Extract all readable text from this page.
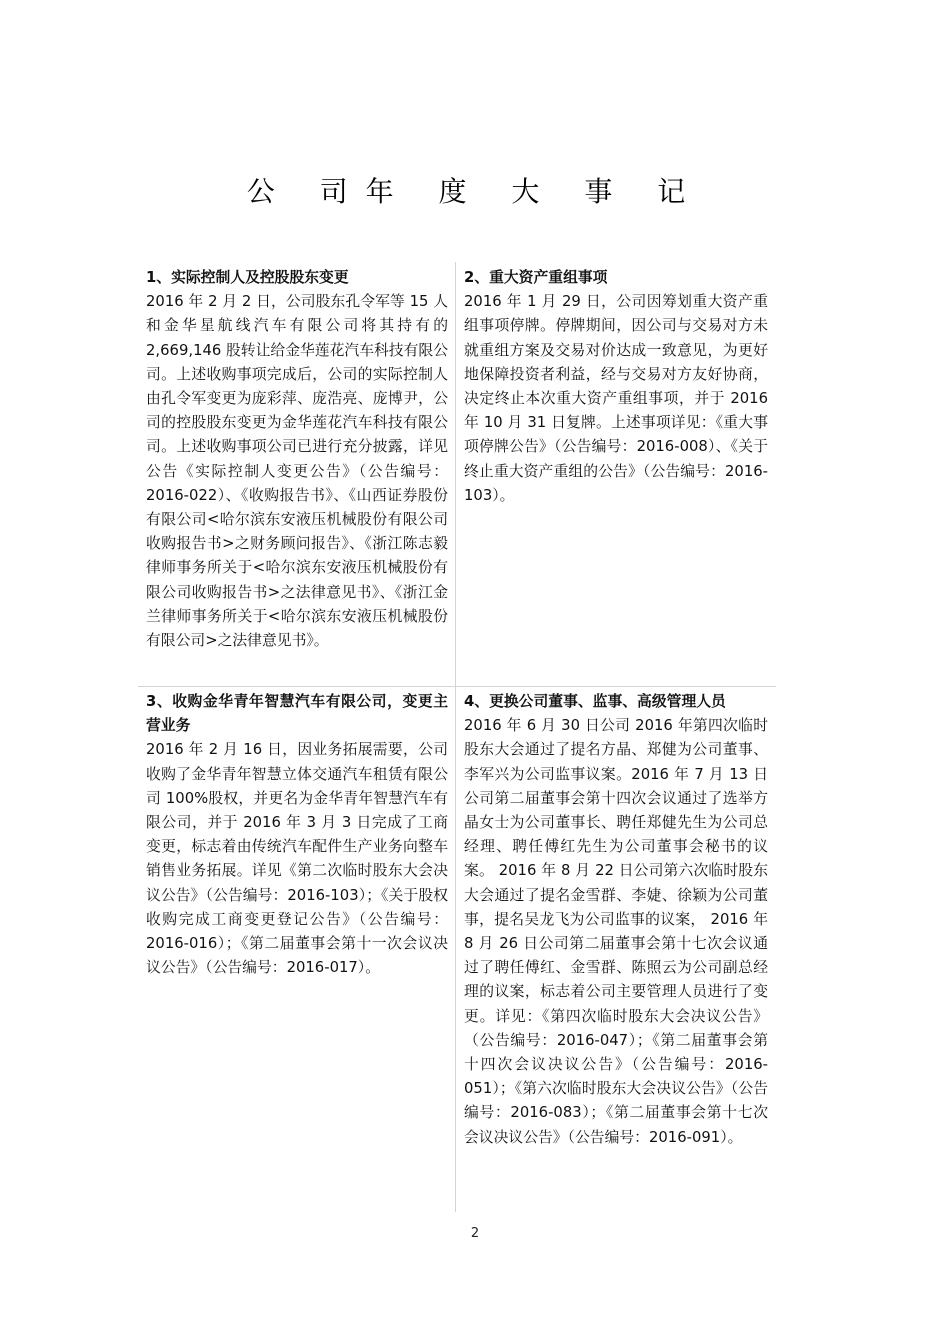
公 司年 度 大 事 记

1、实际控制人及控股股东变更

2016 年 2 月 2 日，公司股东孔令军等 15 人和金华星航线汽车有限公司将其持有的 2,669,146 股转让给金华莲花汽车科技有限公司。上述收购事项完成后，公司的实际控制人由孔令军变更为庞彩萍、庞浩亮、庞博尹，公司的控股股东变更为金华莲花汽车科技有限公司。上述收购事项公司已进行充分披露，详见公告《实际控制人变更公告》（公告编号：2016-022）、《收购报告书》、《山西证券股份有限公司<哈尔滨东安液压机械股份有限公司收购报告书>之财务顾问报告》、《浙江陈志毅律师事务所关于<哈尔滨东安液压机械股份有限公司收购报告书>之法律意见书》、《浙江金兰律师事务所关于<哈尔滨东安液压机械股份有限公司>之法律意见书》。

2、重大资产重组事项

2016 年 1 月 29 日，公司因筹划重大资产重组事项停牌。停牌期间，因公司与交易对方未就重组方案及交易对价达成一致意见，为更好地保障投资者利益，经与交易对方友好协商，决定终止本次重大资产重组事项，并于 2016 年 10 月 31 日复牌。上述事项详见：《重大事项停牌公告》（公告编号：2016-008）、《关于终止重大资产重组的公告》（公告编号：2016-103）。

3、收购金华青年智慧汽车有限公司，变更主营业务

2016 年 2 月 16 日，因业务拓展需要，公司收购了金华青年智慧立体交通汽车租赁有限公司 100%股权，并更名为金华青年智慧汽车有限公司，并于 2016 年 3 月 3 日完成了工商变更，标志着由传统汽车配件生产业务向整车销售业务拓展。详见《第二次临时股东大会决议公告》（公告编号：2016-103）；《关于股权收购完成工商变更登记公告》（公告编号：2016-016）；《第二届董事会第十一次会议决议公告》（公告编号：2016-017）。

4、更换公司董事、监事、高级管理人员

2016 年 6 月 30 日公司 2016 年第四次临时股东大会通过了提名方晶、郑健为公司董事、李军兴为公司监事议案。2016 年 7 月 13 日公司第二届董事会第十四次会议通过了选举方晶女士为公司董事长、聘任郑健先生为公司总经理、聘任傅红先生为公司董事会秘书的议案。 2016 年 8 月 22 日公司第六次临时股东大会通过了提名金雪群、李婕、徐颖为公司董事，提名吴龙飞为公司监事的议案， 2016 年 8 月 26 日公司第二届董事会第十七次会议通过了聘任傅红、金雪群、陈照云为公司副总经理的议案，标志着公司主要管理人员进行了变更。详见：《第四次临时股东大会决议公告》（公告编号：2016-047）；《第二届董事会第十四次会议决议公告》（公告编号：2016-051）；《第六次临时股东大会决议公告》（公告编号：2016-083）；《第二届董事会第十七次会议决议公告》（公告编号：2016-091）。

2
